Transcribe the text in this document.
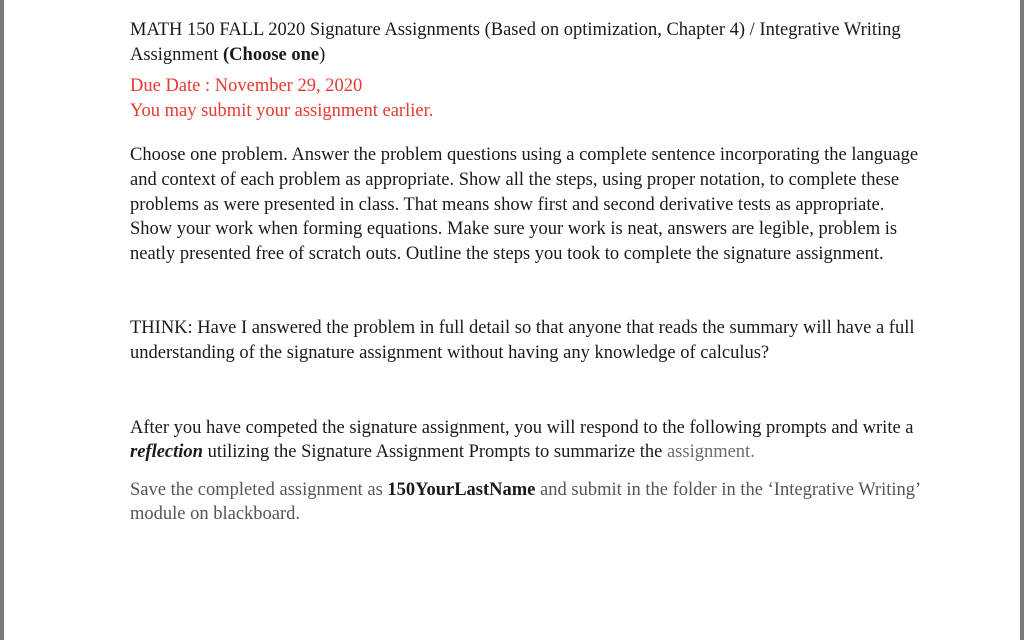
MATH 150 FALL 2020 Signature Assignments (Based on optimization, Chapter 4) / Integrative Writing Assignment (Choose one)

Due Date : November 29, 2020

You may submit your assignment earlier.

Choose one problem. Answer the problem questions using a complete sentence incorporating the language and context of each problem as appropriate. Show all the steps, using proper notation, to complete these problems as were presented in class. That means show first and second derivative tests as appropriate. Show your work when forming equations. Make sure your work is neat, answers are legible, problem is neatly presented free of scratch outs. Outline the steps you took to complete the signature assignment.

THINK: Have I answered the problem in full detail so that anyone that reads the summary will have a full understanding of the signature assignment without having any knowledge of calculus?

After you have competed the signature assignment, you will respond to the following prompts and write a reflection utilizing the Signature Assignment Prompts to summarize the assignment.

Save the completed assignment as 150YourLastName and submit in the folder in the ‘Integrative Writing’ module on blackboard.
